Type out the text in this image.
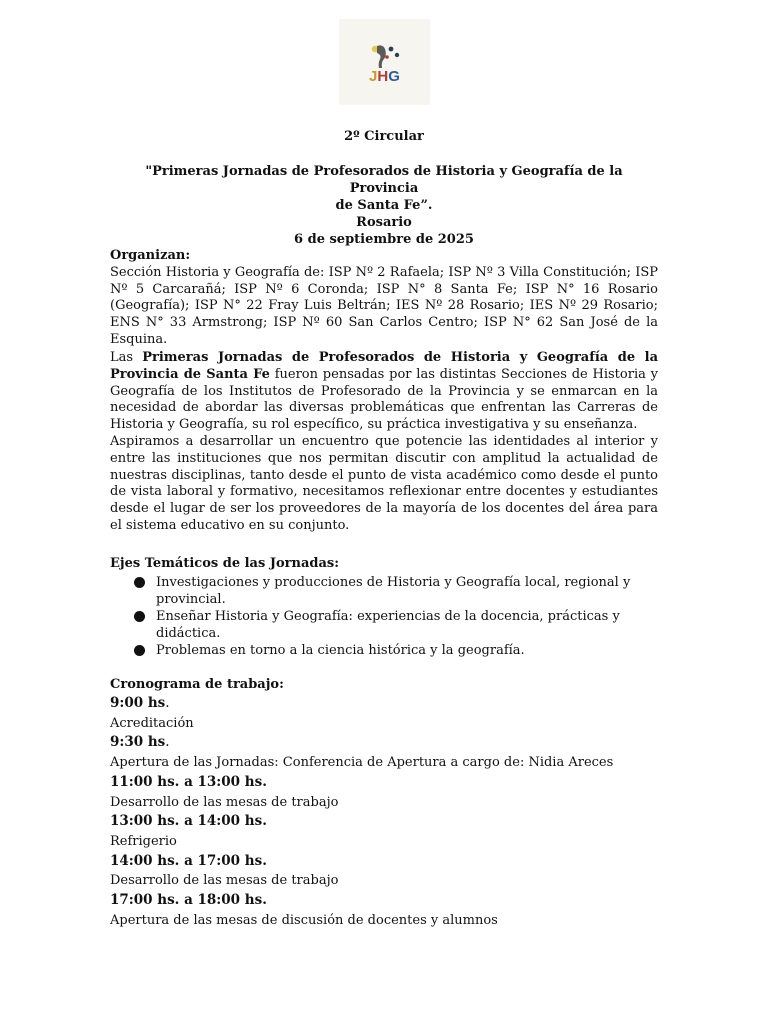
JHG
2º Circular
"Primeras Jornadas de Profesorados de Historia y Geografía de la Provincia
de Santa Fe”.
Rosario
6 de septiembre de 2025

Organizan:

Sección Historia y Geografía de: ISP Nº 2 Rafaela; ISP Nº 3 Villa Constitución; ISP Nº 5 Carcarañá; ISP Nº 6 Coronda; ISP N° 8 Santa Fe; ISP N° 16 Rosario (Geografía); ISP N° 22 Fray Luis Beltrán; IES Nº 28 Rosario; IES Nº 29 Rosario; ENS N° 33 Armstrong; ISP Nº 60 San Carlos Centro; ISP N° 62 San José de la Esquina.

Las Primeras Jornadas de Profesorados de Historia y Geografía de la Provincia de Santa Fe fueron pensadas por las distintas Secciones de Historia y Geografía de los Institutos de Profesorado de la Provincia y se enmarcan en la necesidad de abordar las diversas problemáticas que enfrentan las Carreras de Historia y Geografía, su rol específico, su práctica investigativa y su enseñanza.

Aspiramos a desarrollar un encuentro que potencie las identidades al interior y entre las instituciones que nos permitan discutir con amplitud la actualidad de nuestras disciplinas, tanto desde el punto de vista académico como desde el punto de vista laboral y formativo, necesitamos reflexionar entre docentes y estudiantes desde el lugar de ser los proveedores de la mayoría de los docentes del área para el sistema educativo en su conjunto.

Ejes Temáticos de las Jornadas:

Investigaciones y producciones de Historia y Geografía local, regional y provincial.
Enseñar Historia y Geografía: experiencias de la docencia, prácticas y didáctica.
Problemas en torno a la ciencia histórica y la geografía.

Cronograma de trabajo:

9:00 hs.
Acreditación
9:30 hs.
Apertura de las Jornadas: Conferencia de Apertura a cargo de: Nidia Areces
11:00 hs. a 13:00 hs.
Desarrollo de las mesas de trabajo
13:00 hs. a 14:00 hs.
Refrigerio
14:00 hs. a 17:00 hs.
Desarrollo de las mesas de trabajo
17:00 hs. a 18:00 hs.
Apertura de las mesas de discusión de docentes y alumnos
